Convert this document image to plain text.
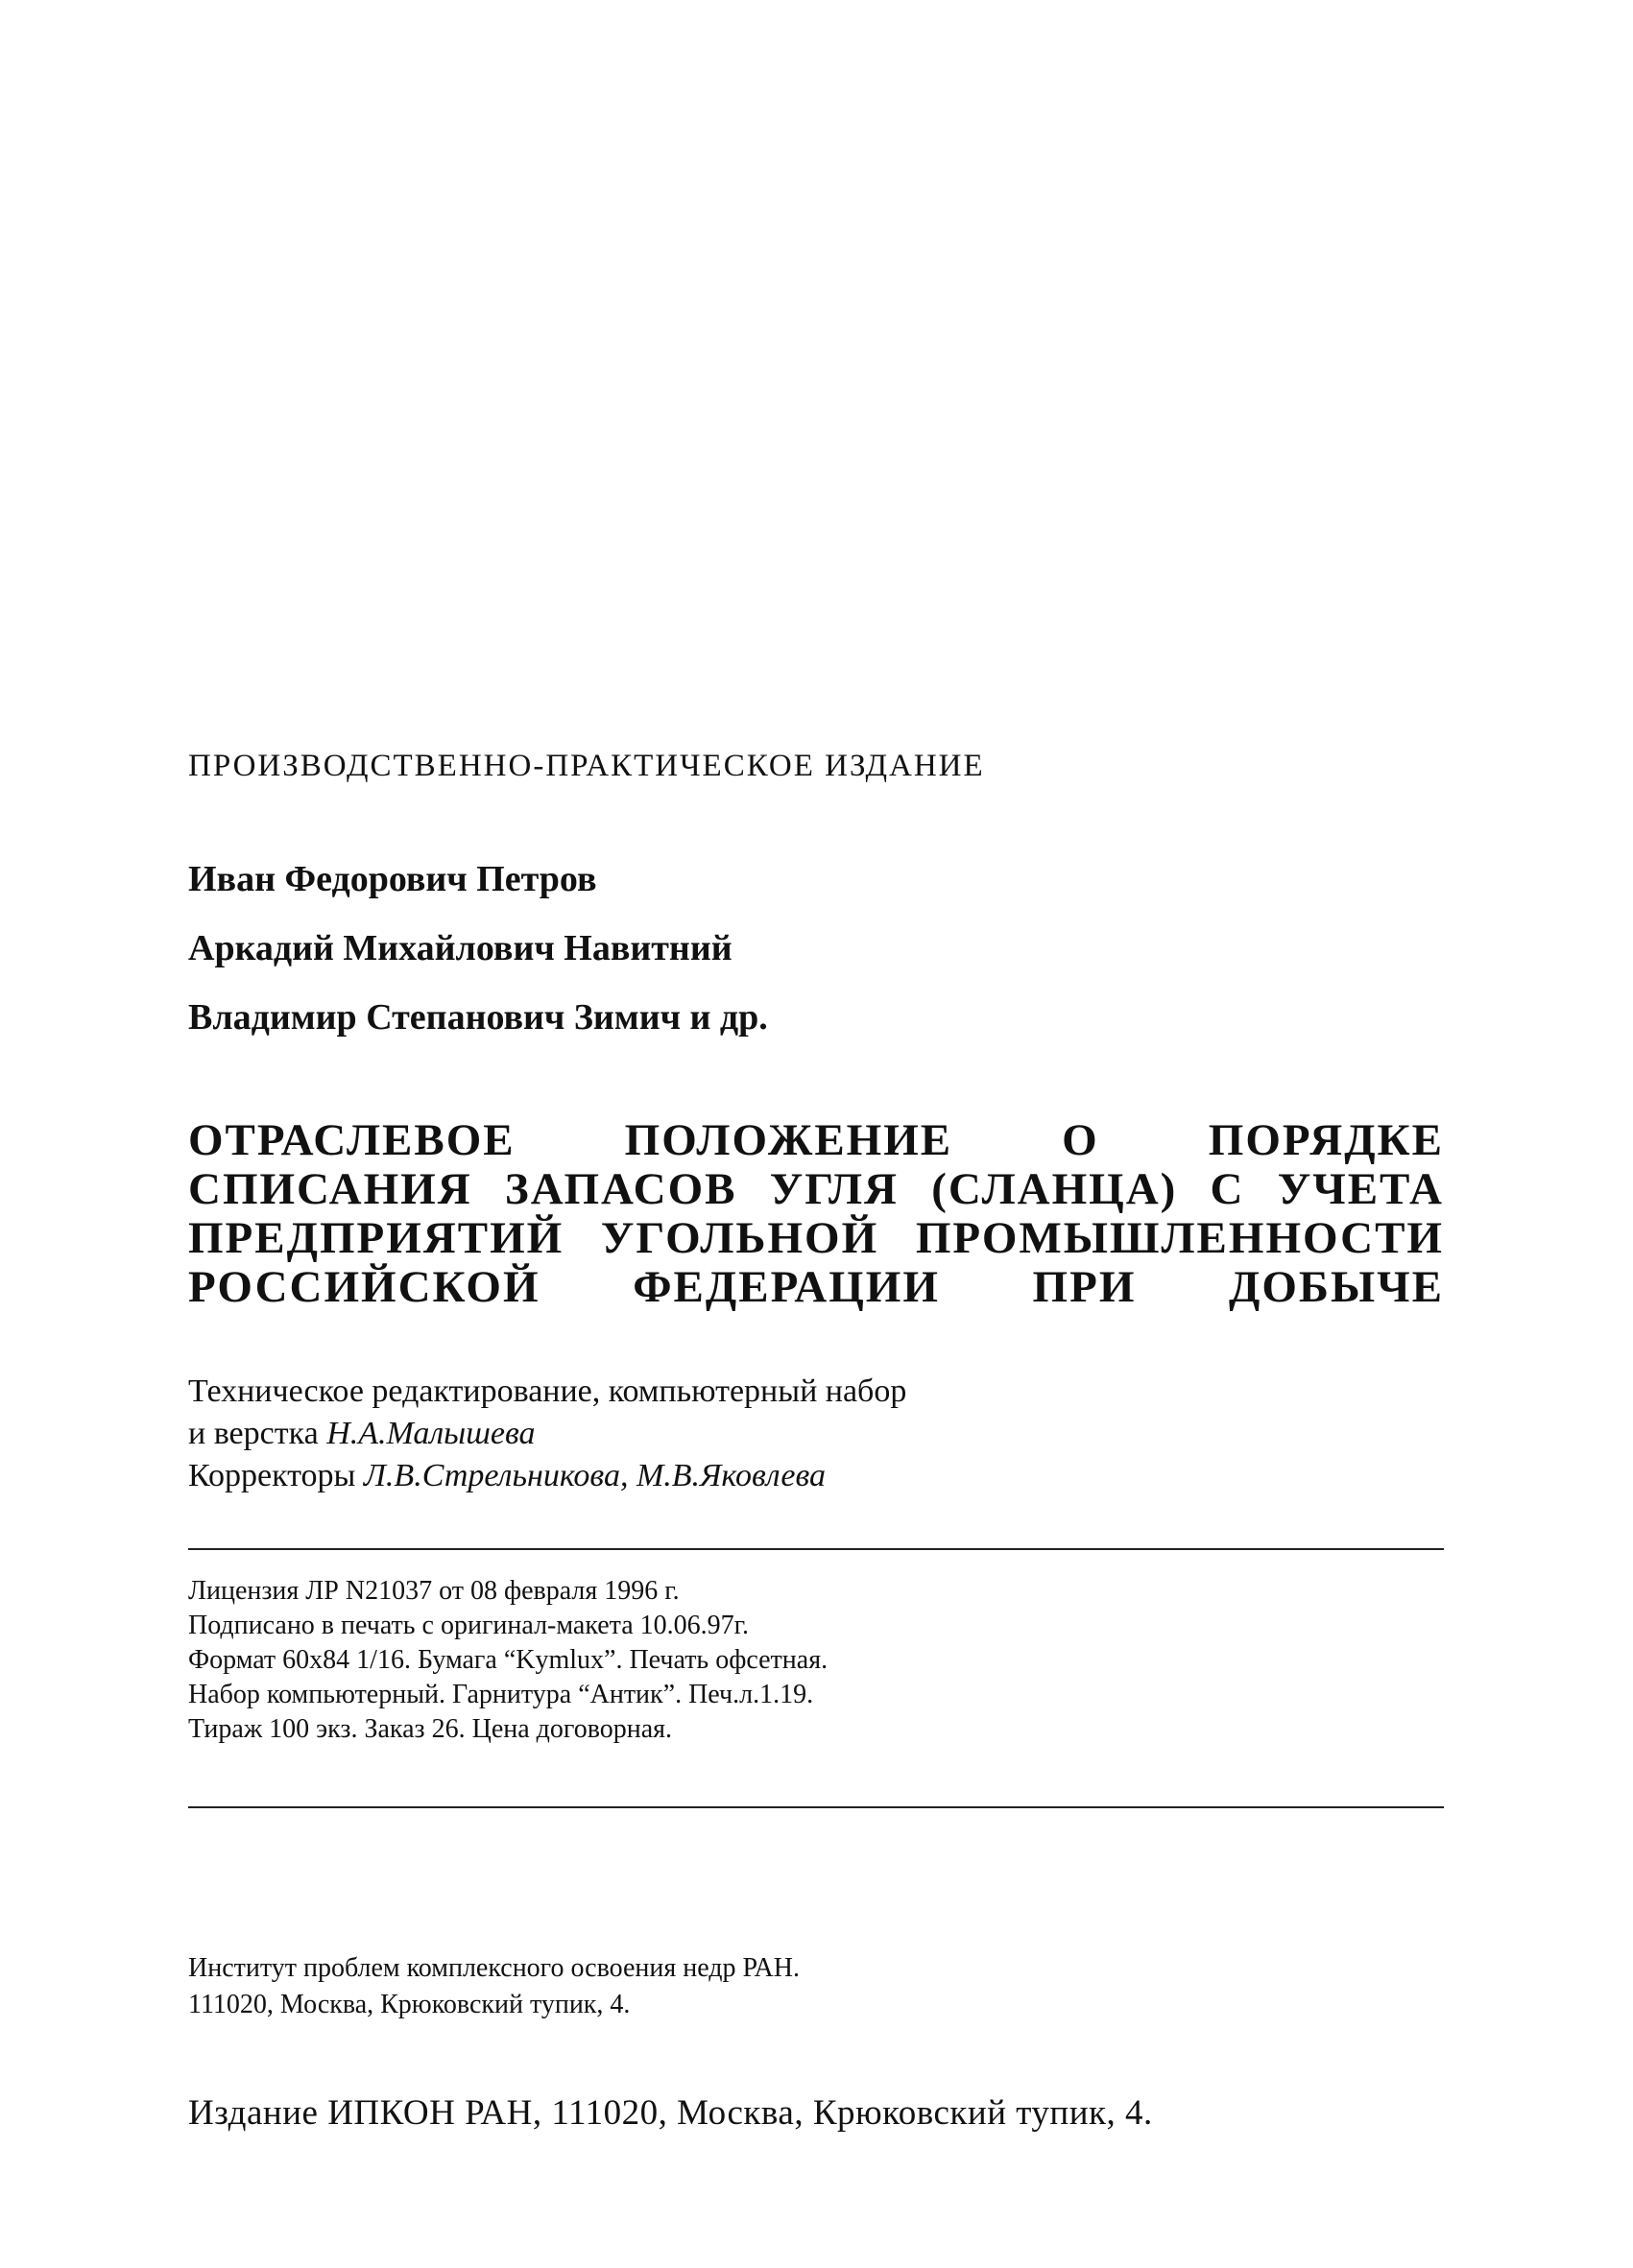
ПРОИЗВОДСТВЕННО-ПРАКТИЧЕСКОЕ ИЗДАНИЕ
Иван Федорович Петров
Аркадий Михайлович Навитний
Владимир Степанович Зимич и др.
ОТРАСЛЕВОЕ ПОЛОЖЕНИЕ О ПОРЯДКЕ
СПИСАНИЯ ЗАПАСОВ УГЛЯ (СЛАНЦА) С УЧЕТА
ПРЕДПРИЯТИЙ УГОЛЬНОЙ ПРОМЫШЛЕННОСТИ
РОССИЙСКОЙ ФЕДЕРАЦИИ ПРИ ДОБЫЧЕ
Техническое редактирование, компьютерный набор
и верстка Н.А.Малышева
Корректоры Л.В.Стрельникова, М.В.Яковлева
Лицензия ЛР N21037 от 08 февраля 1996 г.
Подписано в печать с оригинал-макета 10.06.97г.
Формат 60x84 1/16. Бумага “Kymlux”. Печать офсетная.
Набор компьютерный. Гарнитура “Антик”. Печ.л.1.19.
Тираж 100 экз. Заказ 26. Цена договорная.
Институт проблем комплексного освоения недр РАН.
111020, Москва, Крюковский тупик, 4.
Издание ИПКОН РАН, 111020, Москва, Крюковский тупик, 4.
